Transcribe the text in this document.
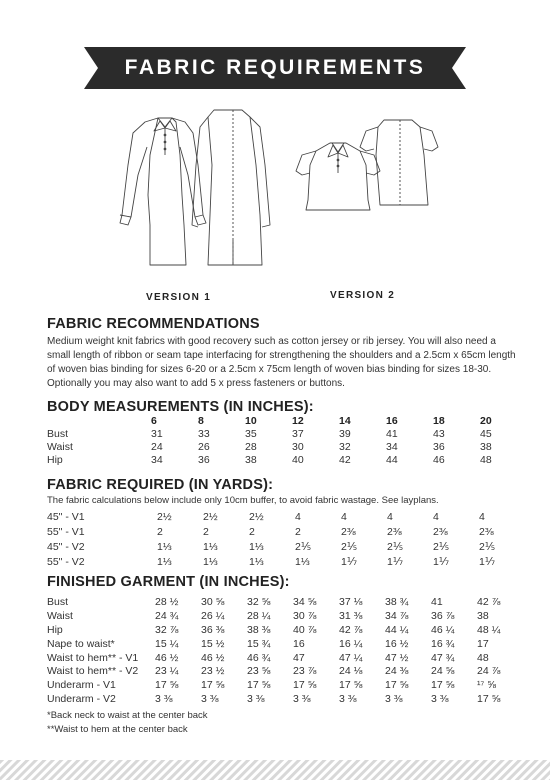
FABRIC REQUIREMENTS
VERSION 1	VERSION 2
FABRIC RECOMMENDATIONS
Medium weight knit fabrics with good recovery such as cotton jersey or rib jersey. You will also need a small length of ribbon or seam tape interfacing for strengthening the shoulders and a 2.5cm x 65cm length of woven bias binding for sizes 6-20 or a 2.5cm x 75cm length of woven bias binding for sizes 18-30. Optionally you may also want to add 5 x press fasteners or buttons.
BODY MEASUREMENTS (IN INCHES):
	6	8	10	12	14	16	18	20
Bust	31	33	35	37	39	41	43	45
Waist	24	26	28	30	32	34	36	38
Hip	34	36	38	40	42	44	46	48
FABRIC REQUIRED (IN YARDS):
The fabric calculations below include only 10cm buffer, to avoid fabric wastage. See layplans.
45" - V1	2½	2½	2½	4	4	4	4	4
55" - V1	2	2	2	2	2⅜	2⅜	2⅜	2⅜
45" - V2	1⅓	1⅓	1⅓	2⅕	2⅕	2⅕	2⅕	2⅕
55" - V2	1⅓	1⅓	1⅓	1⅓	1⅐	1⅐	1⅐	1⅐
FINISHED GARMENT (IN INCHES):
Bust	28 ½	30 ⅝	32 ⅝	34 ⅝	37 ⅛	38 ¾	41	42 ⅞
Waist	24 ¾	26 ¼	28 ¼	30 ⅞	31 ⅜	34 ⅞	36 ⅞	38
Hip	32 ⅞	36 ⅜	38 ⅜	40 ⅞	42 ⅞	44 ¼	46 ¼	48 ¼
Nape to waist*	15 ¼	15 ½	15 ¾	16	16 ¼	16 ½	16 ¾	17
Waist to hem** - V1	46 ½	46 ½	46 ¾	47	47 ¼	47 ½	47 ¾	48
Waist to hem** - V2	23 ¼	23 ½	23 ⅝	23 ⅞	24 ⅛	24 ⅜	24 ⅝	24 ⅞
Underarm - V1	17 ⅝	17 ⅝	17 ⅝	17 ⅝	17 ⅝	17 ⅝	17 ⅝	¹⁷ ⅝
Underarm - V2	3 ⅜	3 ⅜	3 ⅜	3 ⅜	3 ⅜	3 ⅜	3 ⅜	17 ⅝
*Back neck to waist at the center back
**Waist to hem at the center back
